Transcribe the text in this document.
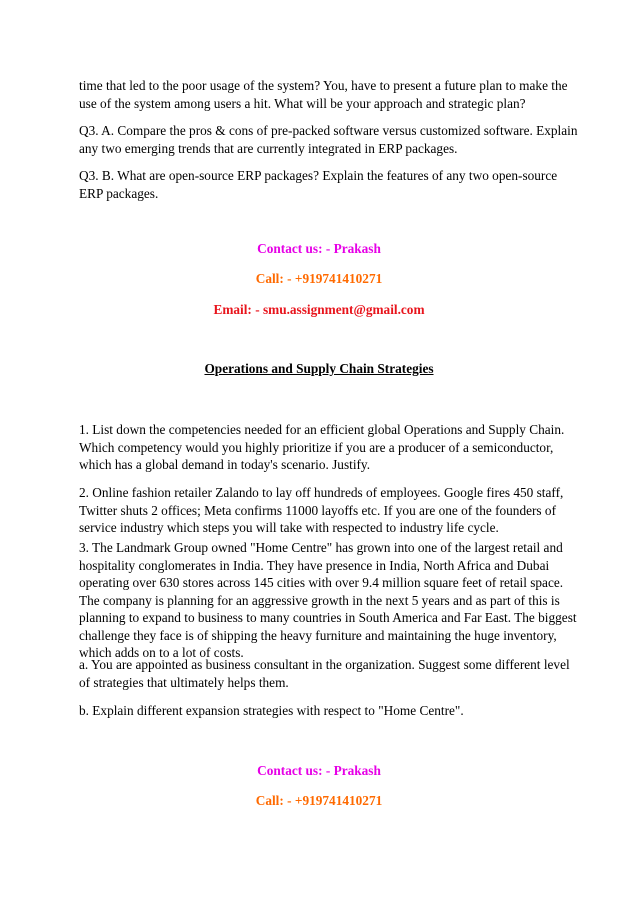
time that led to the poor usage of the system? You, have to present a future plan to make the
use of the system among users a hit. What will be your approach and strategic plan?

Q3. A. Compare the pros & cons of pre-packed software versus customized software. Explain
any two emerging trends that are currently integrated in ERP packages.

Q3. B. What are open-source ERP packages? Explain the features of any two open-source
ERP packages.

Contact us: - Prakash

Call: - +919741410271

Email: - smu.assignment@gmail.com

Operations and Supply Chain Strategies

1. List down the competencies needed for an efficient global Operations and Supply Chain.
Which competency would you highly prioritize if you are a producer of a semiconductor,
which has a global demand in today's scenario. Justify.

2. Online fashion retailer Zalando to lay off hundreds of employees. Google fires 450 staff,
Twitter shuts 2 offices; Meta confirms 11000 layoffs etc. If you are one of the founders of
service industry which steps you will take with respected to industry life cycle.

3. The Landmark Group owned "Home Centre" has grown into one of the largest retail and
hospitality conglomerates in India. They have presence in India, North Africa and Dubai
operating over 630 stores across 145 cities with over 9.4 million square feet of retail space.
The company is planning for an aggressive growth in the next 5 years and as part of this is
planning to expand to business to many countries in South America and Far East. The biggest
challenge they face is of shipping the heavy furniture and maintaining the huge inventory,
which adds on to a lot of costs.

a. You are appointed as business consultant in the organization. Suggest some different level
of strategies that ultimately helps them.

b. Explain different expansion strategies with respect to "Home Centre".

Contact us: - Prakash

Call: - +919741410271
